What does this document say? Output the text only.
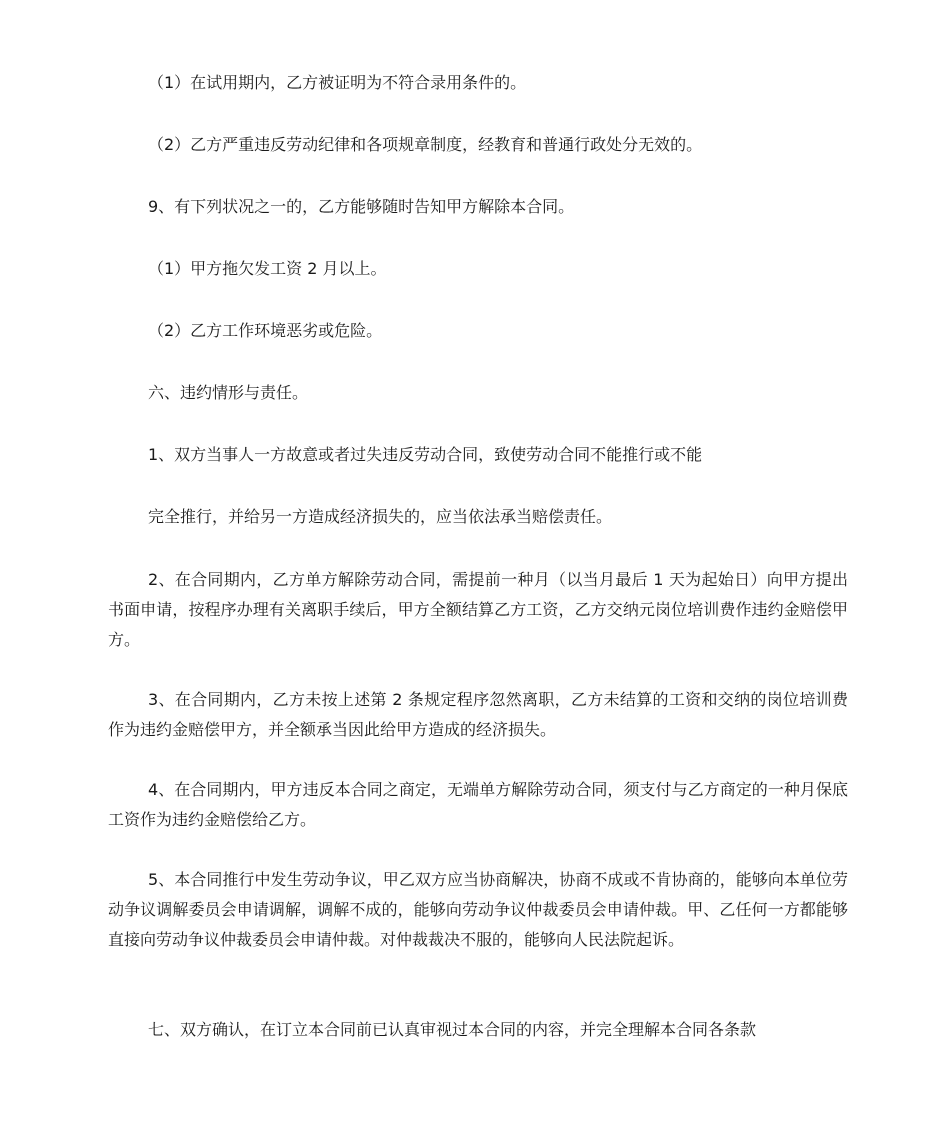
（1）在试用期内，乙方被证明为不符合录用条件的。
（2）乙方严重违反劳动纪律和各项规章制度，经教育和普通行政处分无效的。
9、有下列状况之一的，乙方能够随时告知甲方解除本合同。
（1）甲方拖欠发工资 2 月以上。
（2）乙方工作环境恶劣或危险。
六、违约情形与责任。
1、双方当事人一方故意或者过失违反劳动合同，致使劳动合同不能推行或不能
完全推行，并给另一方造成经济损失的，应当依法承当赔偿责任。
2、在合同期内，乙方单方解除劳动合同，需提前一种月（以当月最后 1 天为起始日）向甲方提出书面申请，按程序办理有关离职手续后，甲方全额结算乙方工资，乙方交纳元岗位培训费作违约金赔偿甲方。
3、在合同期内，乙方未按上述第 2 条规定程序忽然离职，乙方未结算的工资和交纳的岗位培训费作为违约金赔偿甲方，并全额承当因此给甲方造成的经济损失。
4、在合同期内，甲方违反本合同之商定，无端单方解除劳动合同，须支付与乙方商定的一种月保底工资作为违约金赔偿给乙方。
5、本合同推行中发生劳动争议，甲乙双方应当协商解决，协商不成或不肯协商的，能够向本单位劳动争议调解委员会申请调解，调解不成的，能够向劳动争议仲裁委员会申请仲裁。甲、乙任何一方都能够直接向劳动争议仲裁委员会申请仲裁。对仲裁裁决不服的，能够向人民法院起诉。
七、双方确认，在订立本合同前已认真审视过本合同的内容，并完全理解本合同各条款
